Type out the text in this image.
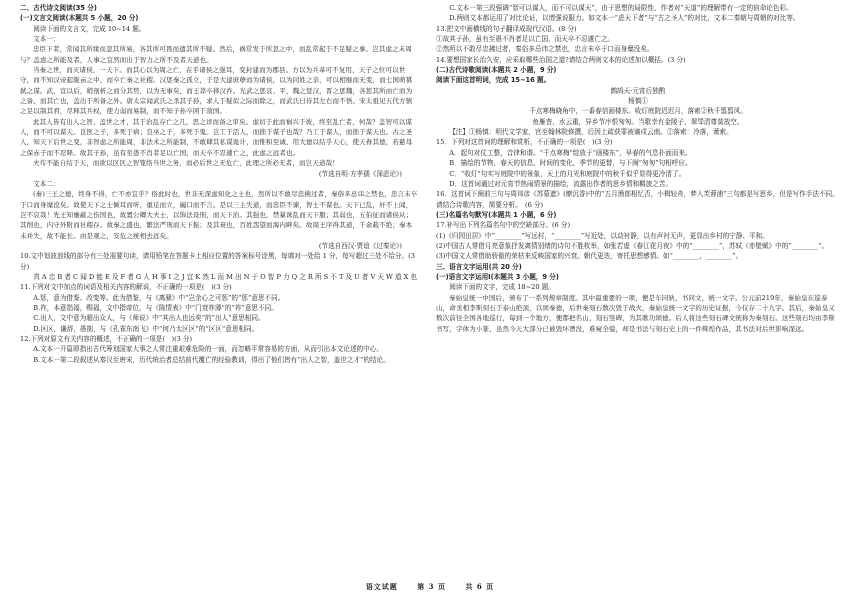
二、古代诗文阅读(35 分)

(一)文言文阅读(本题共 5 小题，20 分)

阅读下面的文言文，完成 10~14 题。

文本一：

忠臣下者，常闻其所缘而忽其所易，各其所可畏而遗其所不疑。然后，祸常发于所忽之中，而乱常起于不足疑之事。岂其虑之未周与？盖虑之所能及者，人事之宜然而出于智力之所不及者天道也。

当秦之世，而灭诸侯，一天下。而其心以为周之亡，在乎诸侯之强耳，变封建而为郡县。方以为兵革可不复用，天子之位可以世守，而不知汉帝起陇亩之中，而卒亡秦之社稷。汉惩秦之孤立，于是大建庶孽而为诸侯，以为同姓之亲，可以相继而无变，而七国萌篡弑之谋。武、宣以后，稍剖析之而分其势，以为无事矣，而王莽卒移汉祚。光武之惩哀、平，魏之惩汉，晋之惩魏，各惩其所由亡而为之备。而其亡也，盖出于所备之外。唐太宗闻武氏之杀其子孙，求人于疑似之际而除之，而武氏日侍其左右而不悟。宋太祖见五代方镇之足以制其君，尽释其兵权，使力弱而易制，而不知子孙卒困于敌国。

此其人皆有出人之智、盖世之才，其于治乱存亡之几，思之详而备之审矣。虑切于此而祸兴于彼，终至乱亡者，何哉？盖智可以谋人，而不可以谋天。良医之子，多死于病；良巫之子，多死于鬼。岂工于活人，而拙于谋子也哉？乃工于谋人，而拙于谋天也。古之圣人，知天下后世之变，非智虑之所能周，非法术之所能制，不敢肆其私谋诡计，而惟积至诚、用大德以结乎天心，使天眷其德，若慈母之保赤子而不忍释。故其子孙，虽有至愚不肖者足以亡国，而天卒不忍遽亡之，此虑之远者也。

夫苟不能自结于天，而欲以区区之智笼络当世之务，而必后世之无危亡，此理之所必无者，而岂天道哉！

(节选自明·方孝孺《深虑论》)

文本二：

(秦)三王之德，终身不得，亡不亦宜乎？俗此时也，世非无深虑知化之士也，然所以不敢尽忠拂过者，秦俗多忌讳之禁也，忠言未卒于口而身糜没矣。故使天下之士倾耳而听，重足而立，阖口而不言。是以三主失道，而忠臣不谏，智士不谋也。天下已乱，奸不上闻，岂不哀哉！先王知壅蔽之伤国也，故置公卿大夫士，以饰法设刑，而天下治。其强也，禁暴诛乱而天下服；其弱也，五伯征而诸侯从；其削也，内守外附而社稷存。故秦之盛也，繁法严刑而天下振；及其衰也，百姓怨望而海内畔矣。故周王序得其道，千余载不绝；秦本末并失，故不能长。由是观之，安危之统相去远矣。

(节选自西汉·贾谊《过秦论》)

10.文中划波浪线的部分有三处需要句读，请用铅笔在答题卡上相应位置的答案标号涂黑，每填对一处给 1 分，每写超过三处不给分。(3 分)

真 A 忠 B 者 C 闻 D 能 E 及 F 者 G 人 H 事 I 之 J 宜 K 然 L 而 M 出 N 于 O 智 P 力 Q 之 R 所 S 不 T 及 U 者 V 天 W 道 X 也

11.下列对文中加点的词语及相关内容的解说，不正确的一项是(　)(3 分)

A.惩，意为借鉴、改变等。此为借鉴，与《离骚》中“岂余心之可惩”的“惩”意思不同。

B.祚，本意指福，赐福，文中指帝位，与《陈情表》中“门衰祚薄”的“祚”意思不同。

C.出人，文中意为超出众人，与《师说》中“其出人也远矣”的“出人”意思相同。

D.区区，谦辞，愚拙，与《孔雀东南飞》中“何乃太区区”的“区区”意思相同。

12.下列对原文有关内容的概述，不正确的一项是(　)(3 分)

A.文本一开篇即指出古代筹划国家大事之人常注重艰难危险的一面，而忽略平常容易的方面，从而引出本文论述的中心。

B.文本一第二段叙述从秦汉至唐宋，历代统治者总结前代覆亡的经验教训，得出了他们皆有“出人之智，盖世之才”的结论。

C.文本一第三段强调“智可以谋人，而不可以谋天”，由于思想的局限性，作者对“天道”的理解带有一定的宿命论色彩。

D.两则文本都运用了对比论证，以增强说服力。如文本一“虑天下者”与“古之圣人”的对比，文本二秦朝与周朝的对比等。

13.把文中画横线的句子翻译成现代汉语。(8 分)

①故其子孙，虽有至愚不肖者足以亡国，而天卒不忍遽亡之。

②然所以不敢尽忠拂过者，秦俗多忌讳之禁也，忠言未卒于口而身糜没矣。

14.要想国家长治久安，应采取哪些治国之道?请结合两则文本的论述加以概括。(3 分)

(二)古代诗歌阅读(本题共 2 小题，9 分)

阅读下面这首明词，完成 15~16 题。

鹧鸪天·元宵后独酌

杨慎①

千点寒梅晓角中，一番春信画楼东。收灯庭院迟迟月，落索②秋千翦翦风。

鱼雁杳，水云重，异乡节序恨匆匆。当歌幸有金陵子，翠斝清尊莫放空。

【注】①杨慎：明代文学家，官至翰林院修撰，后因上疏获罪被谪戍云南。②落索：冷落，萧索。

15．下列对这首词的理解和赏析，不正确的一项是(　)(3 分)

A．起句对仗工整，音律和谐。“千点寒梅”绽放于“画楼东”，早春的气息扑面而来。

B．描绘的节物，春天的信息，时间的变化，季节的更替，与下阕“匆匆”句相呼应。

C．“收灯”句实写庭院中的景象，天上的月光和庭院中的秋千似乎显得更冷清了。

D．这首词通过对元宵节热闹情景的描绘，流露出作者的思乡情和羁旅之苦。

16．这首词下阕前三句与周邦彦《苏幕遮》(燎沉香)中的“五月渔郎相忆否，小楫轻舟，梦入芙蓉浦”三句都是写思乡，但是写作手法不同。请结合诗歌内容，简要分析。　(6 分)

(三)名篇名句默写(本题共 1 小题，6 分)

17.补写出下列名篇名句中的空缺部分。(6 分)

(1)《归园田居》中“________”写远村，“________”写近处，以动衬静，以有声衬无声，更显出乡村的宁静、平和。

(2)中国古人常借月亮意象抒发离情别绪的诗句不胜枚举，如张若虚《春江花月夜》中的“________”，苏轼《赤壁赋》中的“________”。

(3)中国文人常借助骄傲的荣枯来反映国家的兴衰。朝代更迭，寄托思想感情。如“________，________”。

三、语言文字运用(共 20 分)

(一)语言文字运用Ⅰ(本题共 3 小题，9 分)

阅读下面的文字，完成 18~20 题。

秦始皇统一中国后，颁布了一系列规章制度。其中最重要的一项，便是车同轨，书同文，统一文字。公元前219年，秦始皇东巡泰山，命丞相李斯刻石于泰山绝顶，以颂秦德，后世秦刻石数次毁于战火，秦始皇统一文字的历史证据，今仅存二十九字。其后，秦始皇又数次前往全国各地巡行，每到一个地方，便都把名山，刻石竖碑，为其歌功颂德。后人将这些刻石碑文统称为秦刻石。这些刻石均由李斯书写，字体为小篆，虽然今天大部分已被毁坏湮没，难窥全貌，却是书法与刻石史上的一件辉煌作品，其书法对后世影响深远。

语文试题	第 3 页	共 6 页
